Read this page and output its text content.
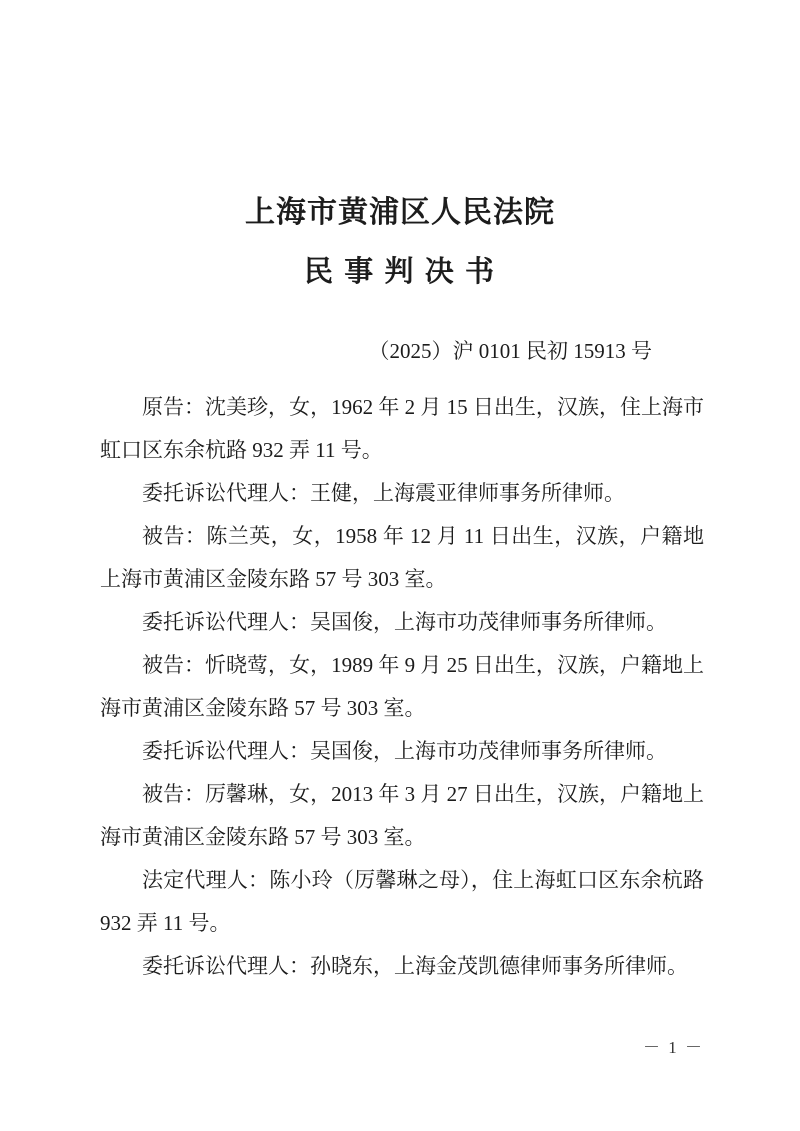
上海市黄浦区人民法院
民 事 判 决 书
（2025）沪 0101 民初 15913 号

原告：沈美珍，女，1962 年 2 月 15 日出生，汉族，住上海市虹口区东余杭路 932 弄 11 号。

委托诉讼代理人：王健，上海震亚律师事务所律师。

被告：陈兰英，女，1958 年 12 月 11 日出生，汉族，户籍地上海市黄浦区金陵东路 57 号 303 室。

委托诉讼代理人：吴国俊，上海市功茂律师事务所律师。

被告：忻晓莺，女，1989 年 9 月 25 日出生，汉族，户籍地上海市黄浦区金陵东路 57 号 303 室。

委托诉讼代理人：吴国俊，上海市功茂律师事务所律师。

被告：厉馨琳，女，2013 年 3 月 27 日出生，汉族，户籍地上海市黄浦区金陵东路 57 号 303 室。

法定代理人：陈小玲（厉馨琳之母），住上海虹口区东余杭路 932 弄 11 号。

委托诉讼代理人：孙晓东，上海金茂凯德律师事务所律师。

－ 1 －
